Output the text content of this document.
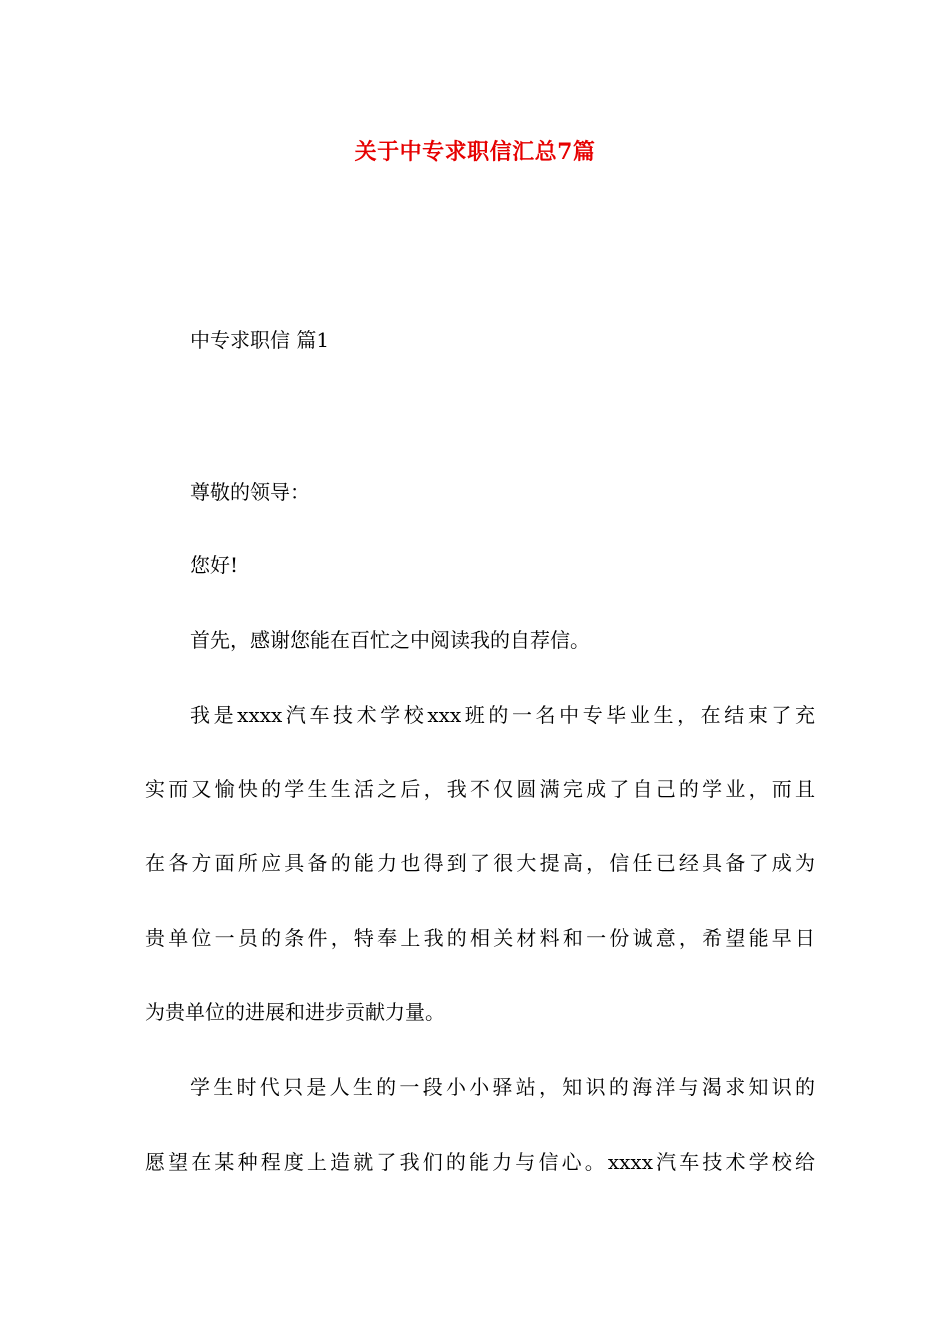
关于中专求职信汇总7篇
中专求职信 篇1
尊敬的领导：
您好!
首先，感谢您能在百忙之中阅读我的自荐信。
我是xxxx汽车技术学校xxx班的一名中专毕业生，在结束了充
实而又愉快的学生生活之后，我不仅圆满完成了自己的学业，而且
在各方面所应具备的能力也得到了很大提高，信任已经具备了成为
贵单位一员的条件，特奉上我的相关材料和一份诚意，希望能早日
为贵单位的进展和进步贡献力量。
学生时代只是人生的一段小小驿站，知识的海洋与渴求知识的
愿望在某种程度上造就了我们的能力与信心。xxxx汽车技术学校给
